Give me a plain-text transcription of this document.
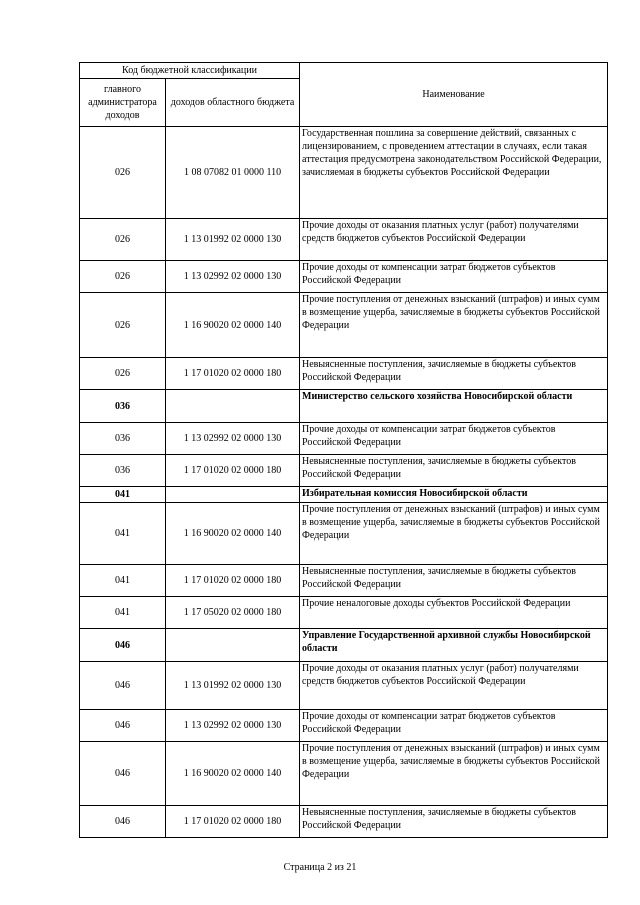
Код бюджетной классификации		Наименование
главного администратора доходов	доходов областного бюджета	
026	1 08 07082 01 0000 110	Государственная пошлина за совершение действий, связанных с лицензированием, с проведением аттестации в случаях, если такая аттестация предусмотрена законодательством Российской Федерации, зачисляемая в бюджеты субъектов Российской Федерации
026	1 13 01992 02 0000 130	Прочие доходы от оказания платных услуг (работ) получателями средств бюджетов субъектов Российской Федерации
026	1 13 02992 02 0000 130	Прочие доходы от компенсации затрат бюджетов субъектов Российской Федерации
026	1 16 90020 02 0000 140	Прочие поступления от денежных взысканий (штрафов) и иных сумм в возмещение ущерба, зачисляемые в бюджеты субъектов Российской Федерации
026	1 17 01020 02 0000 180	Невыясненные поступления, зачисляемые в бюджеты субъектов Российской Федерации
036		Министерство сельского хозяйства Новосибирской области
036	1 13 02992 02 0000 130	Прочие доходы от компенсации затрат бюджетов субъектов Российской Федерации
036	1 17 01020 02 0000 180	Невыясненные поступления, зачисляемые в бюджеты субъектов Российской Федерации
041		Избирательная комиссия Новосибирской области
041	1 16 90020 02 0000 140	Прочие поступления от денежных взысканий (штрафов) и иных сумм в возмещение ущерба, зачисляемые в бюджеты субъектов Российской Федерации
041	1 17 01020 02 0000 180	Невыясненные поступления, зачисляемые в бюджеты субъектов Российской Федерации
041	1 17 05020 02 0000 180	Прочие неналоговые доходы субъектов Российской Федерации
046		Управление Государственной архивной службы Новосибирской области
046	1 13 01992 02 0000 130	Прочие доходы от оказания платных услуг (работ) получателями средств бюджетов субъектов Российской Федерации
046	1 13 02992 02 0000 130	Прочие доходы от компенсации затрат бюджетов субъектов Российской Федерации
046	1 16 90020 02 0000 140	Прочие поступления от денежных взысканий (штрафов) и иных сумм в возмещение ущерба, зачисляемые в бюджеты субъектов Российской Федерации
046	1 17 01020 02 0000 180	Невыясненные поступления, зачисляемые в бюджеты субъектов Российской Федерации
Страница 2 из 21
